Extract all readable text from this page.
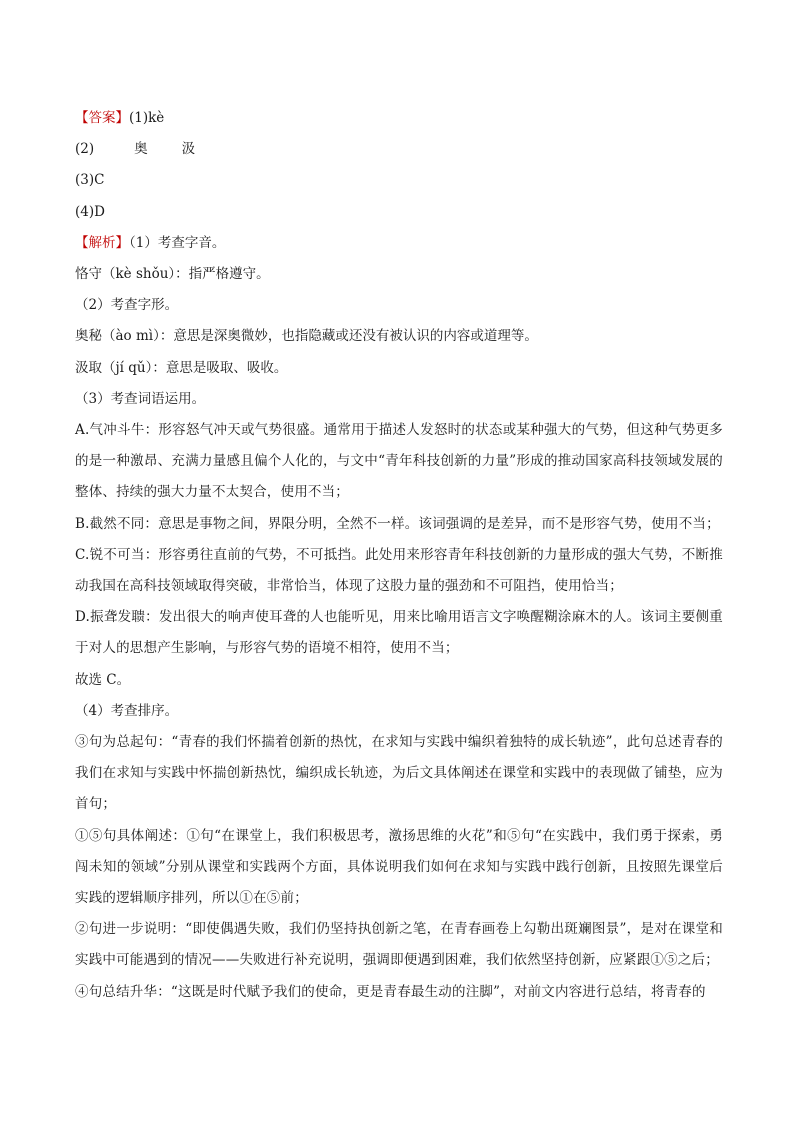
【答案】(1)kè
(2)	奥	汲
(3)C
(4)D
【解析】（1）考查字音。
恪守（kè shǒu）：指严格遵守。
（2）考查字形。
奥秘（ào mì）：意思是深奥微妙，也指隐藏或还没有被认识的内容或道理等。
汲取（jí qǔ）：意思是吸取、吸收。
（3）考查词语运用。
A.气冲斗牛：形容怒气冲天或气势很盛。通常用于描述人发怒时的状态或某种强大的气势，但这种气势更多的是一种激昂、充满力量感且偏个人化的，与文中“青年科技创新的力量”形成的推动国家高科技领域发展的整体、持续的强大力量不太契合，使用不当；
B.截然不同：意思是事物之间，界限分明，全然不一样。该词强调的是差异，而不是形容气势，使用不当；
C.锐不可当：形容勇往直前的气势，不可抵挡。此处用来形容青年科技创新的力量形成的强大气势，不断推动我国在高科技领域取得突破，非常恰当，体现了这股力量的强劲和不可阻挡，使用恰当；
D.振聋发聩：发出很大的响声使耳聋的人也能听见，用来比喻用语言文字唤醒糊涂麻木的人。该词主要侧重于对人的思想产生影响，与形容气势的语境不相符，使用不当；
故选 C。
（4）考查排序。
③句为总起句：“青春的我们怀揣着创新的热忱，在求知与实践中编织着独特的成长轨迹”，此句总述青春的我们在求知与实践中怀揣创新热忱，编织成长轨迹，为后文具体阐述在课堂和实践中的表现做了铺垫，应为首句；
①⑤句具体阐述：①句“在课堂上，我们积极思考，激扬思维的火花”和⑤句“在实践中，我们勇于探索，勇闯未知的领域”分别从课堂和实践两个方面，具体说明我们如何在求知与实践中践行创新，且按照先课堂后实践的逻辑顺序排列，所以①在⑤前；
②句进一步说明：“即使偶遇失败，我们仍坚持执创新之笔，在青春画卷上勾勒出斑斓图景”，是对在课堂和实践中可能遇到的情况——失败进行补充说明，强调即便遇到困难，我们依然坚持创新，应紧跟①⑤之后；
④句总结升华：“这既是时代赋予我们的使命，更是青春最生动的注脚”，对前文内容进行总结，将青春的
